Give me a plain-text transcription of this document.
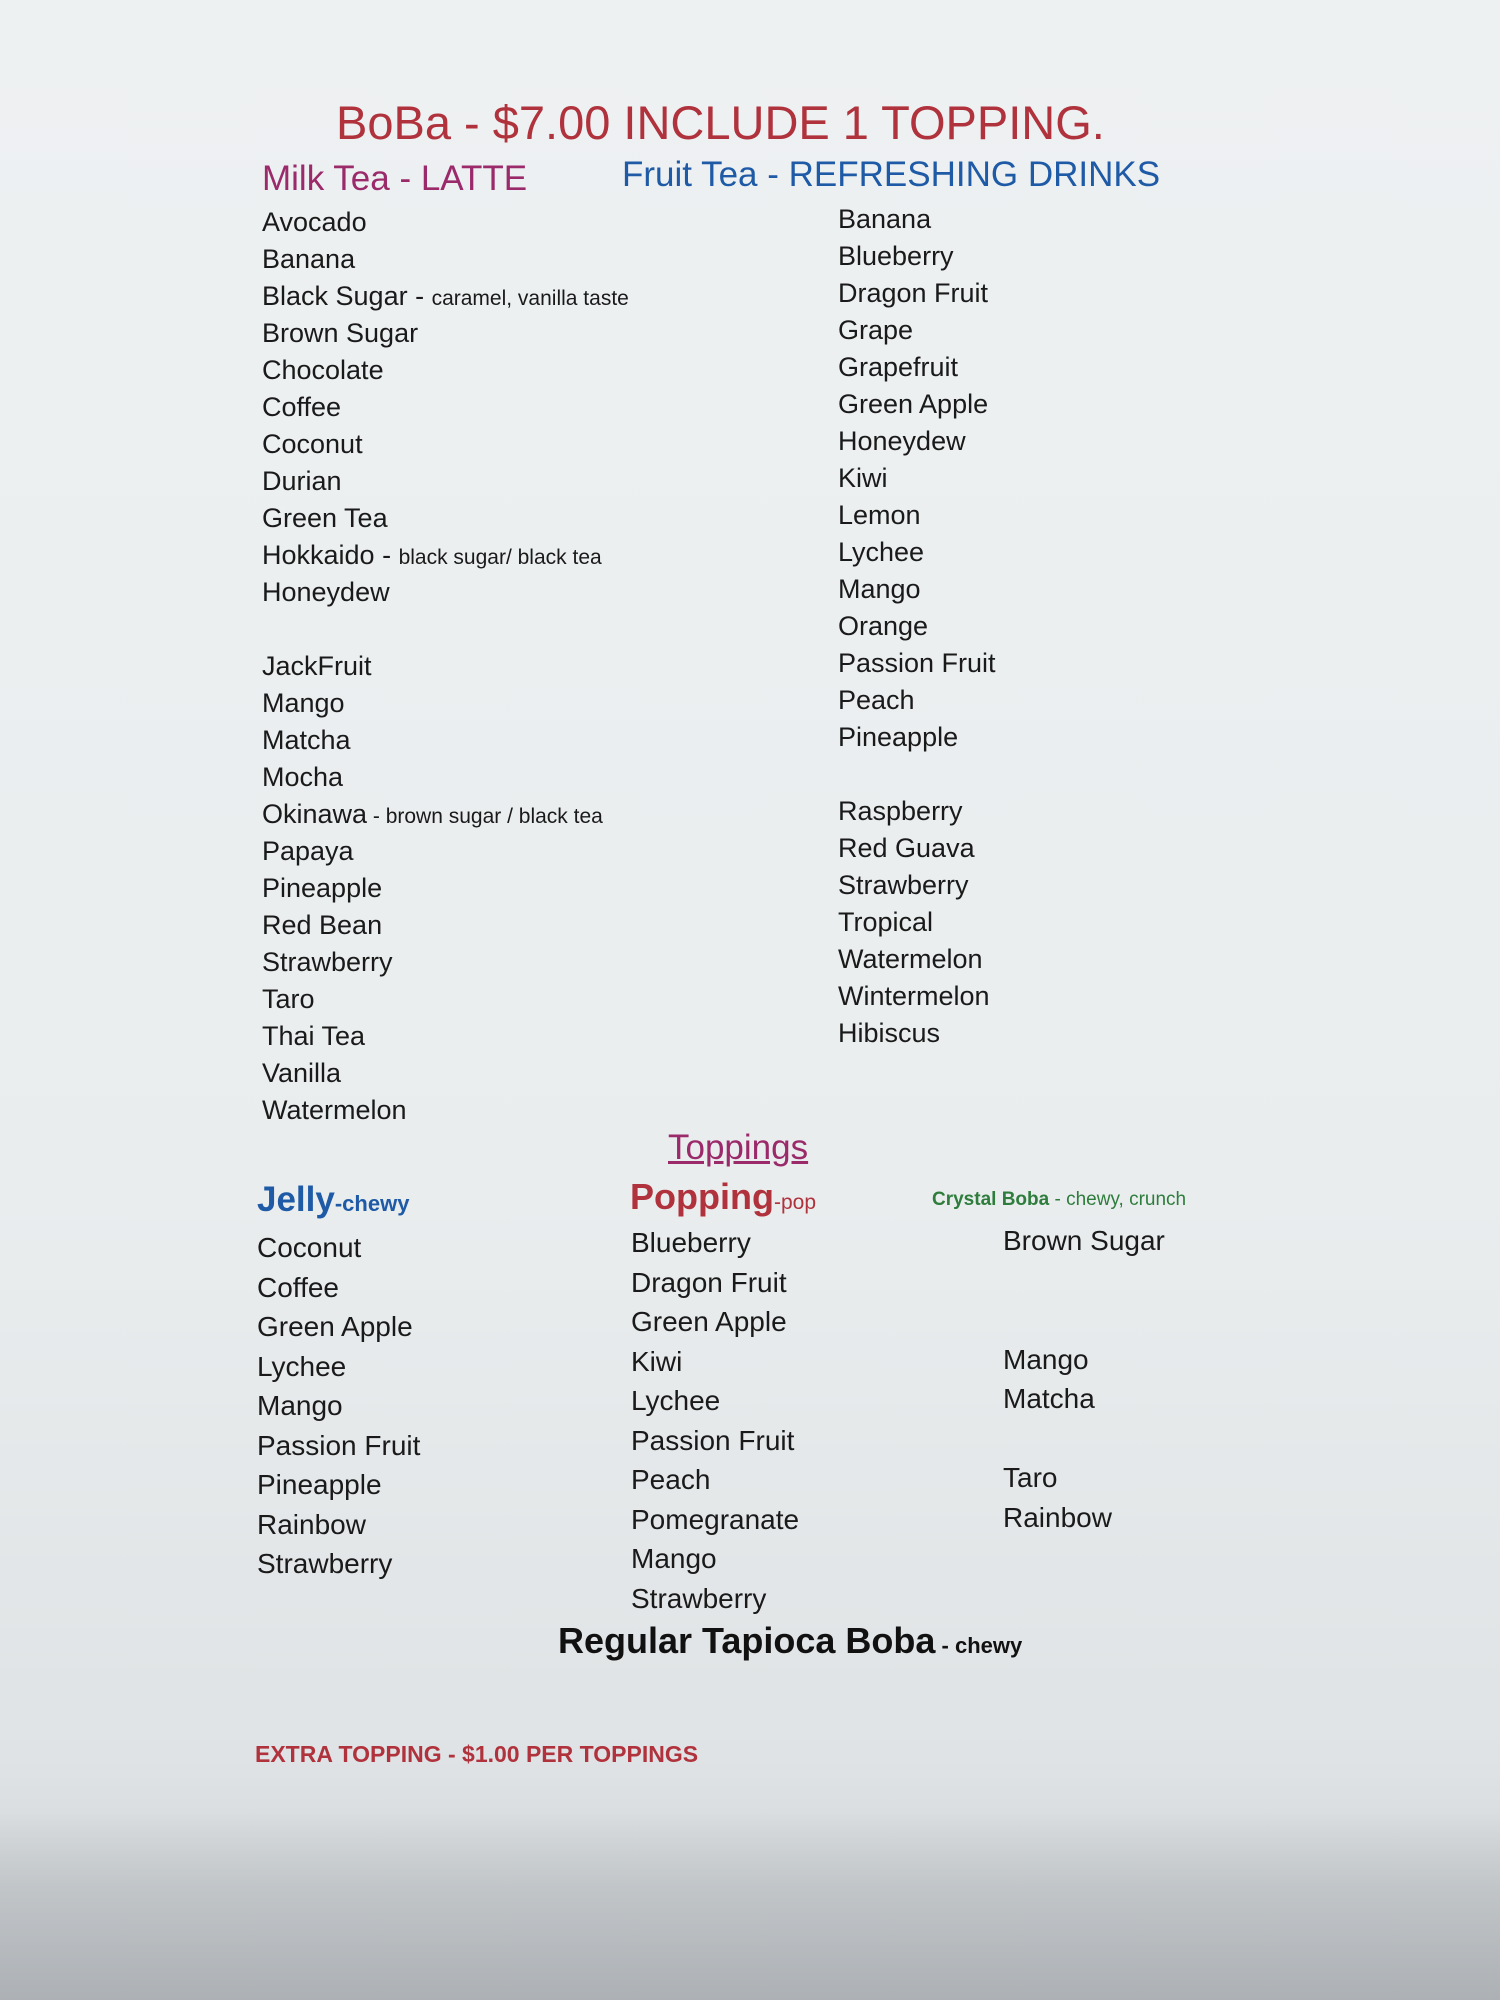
BoBa - $7.00 INCLUDE 1 TOPPING.
Milk Tea - LATTE	Fruit Tea - REFRESHING DRINKS
Avocado
Banana
Black Sugar - caramel, vanilla taste
Brown Sugar
Chocolate
Coffee
Coconut
Durian
Green Tea
Hokkaido - black sugar/ black tea
Honeydew
JackFruit
Mango
Matcha
Mocha
Okinawa - brown sugar / black tea
Papaya
Pineapple
Red Bean
Strawberry
Taro
Thai Tea
Vanilla
Watermelon
Banana
Blueberry
Dragon Fruit
Grape
Grapefruit
Green Apple
Honeydew
Kiwi
Lemon
Lychee
Mango
Orange
Passion Fruit
Peach
Pineapple
Raspberry
Red Guava
Strawberry
Tropical
Watermelon
Wintermelon
Hibiscus
Toppings
Jelly-chewy	Popping-pop	Crystal Boba - chewy, crunch
Coconut
Coffee
Green Apple
Lychee
Mango
Passion Fruit
Pineapple
Rainbow
Strawberry
Blueberry
Dragon Fruit
Green Apple
Kiwi
Lychee
Passion Fruit
Peach
Pomegranate
Mango
Strawberry
Brown Sugar
Mango
Matcha
Taro
Rainbow
Regular Tapioca Boba - chewy
EXTRA TOPPING - $1.00 PER TOPPINGS
